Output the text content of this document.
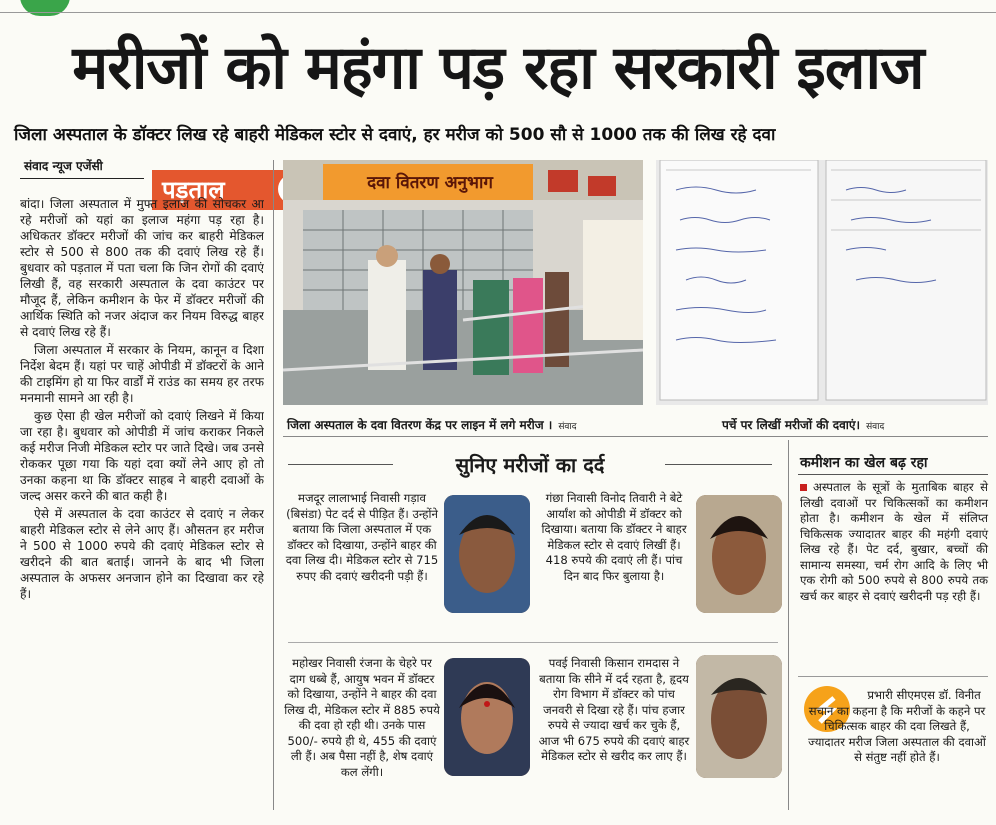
मरीजों को महंगा पड़ रहा सरकारी इलाज
जिला अस्पताल के डॉक्टर लिख रहे बाहरी मेडिकल स्टोर से दवाएं, हर मरीज को 500 सौ से 1000 तक की लिख रहे दवा
संवाद न्यूज एजेंसी
पड़ताल

बांदा। जिला अस्पताल में मुफ्त इलाज की सोचकर आ रहे मरीजों को यहां का इलाज महंगा पड़ रहा है। अधिकतर डॉक्टर मरीजों की जांच कर बाहरी मेडिकल स्टोर से 500 से 800 तक की दवाएं लिख रहे हैं। बुधवार को पड़ताल में पता चला कि जिन रोगों की दवाएं लिखी हैं, वह सरकारी अस्पताल के दवा काउंटर पर मौजूद हैं, लेकिन कमीशन के फेर में डॉक्टर मरीजों की आर्थिक स्थिति को नजर अंदाज कर नियम विरुद्ध बाहर से दवाएं लिख रहे हैं।

जिला अस्पताल में सरकार के नियम, कानून व दिशा निर्देश बेदम हैं। यहां पर चाहें ओपीडी में डॉक्टरों के आने की टाइमिंग हो या फिर वार्डों में राउंड का समय हर तरफ मनमानी सामने आ रही है।

कुछ ऐसा ही खेल मरीजों को दवाएं लिखने में किया जा रहा है। बुधवार को ओपीडी में जांच कराकर निकले कई मरीज निजी मेडिकल स्टोर पर जाते दिखे। जब उनसे रोककर पूछा गया कि यहां दवा क्यों लेने आए हो तो उनका कहना था कि डॉक्टर साहब ने बाहरी दवाओं के जल्द असर करने की बात कही है।

ऐसे में अस्पताल के दवा काउंटर से दवाएं न लेकर बाहरी मेडिकल स्टोर से लेने आए हैं। औसतन हर मरीज ने 500 से 1000 रुपये की दवाएं मेडिकल स्टोर से खरीदने की बात बताई। जानने के बाद भी जिला अस्पताल के अफसर अनजान होने का दिखावा कर रहे हैं।

दवा वितरण अनुभाग
जिला अस्पताल के दवा वितरण केंद्र पर लाइन में लगे मरीज । संवाद	पर्चे पर लिखीं मरीजों की दवाएं। संवाद
सुनिए मरीजों का दर्द
मजदूर लालाभाई निवासी गड़ाव (बिसंडा) पेट दर्द से पीड़ित हैं। उन्होंने बताया कि जिला अस्पताल में एक डॉक्टर को दिखाया, उन्होंने बाहर की दवा लिख दी। मेडिकल स्टोर से 715 रुपए की दवाएं खरीदनी पड़ी हैं।
गंछा निवासी विनोद तिवारी ने बेटे आर्यांश को ओपीडी में डॉक्टर को दिखाया। बताया कि डॉक्टर ने बाहर मेडिकल स्टोर से दवाएं लिखीं हैं। 418 रुपये की दवाएं ली हैं। पांच दिन बाद फिर बुलाया है।
महोखर निवासी रंजना के चेहरे पर दाग धब्बे हैं, आयुष भवन में डॉक्टर को दिखाया, उन्होंने ने बाहर की दवा लिख दी, मेडिकल स्टोर में 885 रुपये की दवा हो रही थी। उनके पास 500/- रुपये ही थे, 455 की दवाएं ली हैं। अब पैसा नहीं है, शेष दवाएं कल लेंगी।
पवई निवासी किसान रामदास ने बताया कि सीने में दर्द रहता है, हृदय रोग विभाग में डॉक्टर को पांच जनवरी से दिखा रहे हैं। पांच हजार रुपये से ज्यादा खर्च कर चुके हैं, आज भी 675 रुपये की दवाएं बाहर मेडिकल स्टोर से खरीद कर लाए हैं।
कमीशन का खेल बढ़ रहा
अस्पताल के सूत्रों के मुताबिक बाहर से लिखी दवाओं पर चिकित्सकों का कमीशन होता है। कमीशन के खेल में संलिप्त चिकित्सक ज्यादातर बाहर की महंगी दवाएं लिख रहे हैं। पेट दर्द, बुखार, बच्चों की सामान्य समस्या, चर्म रोग आदि के लिए भी एक रोगी को 500 रुपये से 800 रुपये तक खर्च कर बाहर से दवाएं खरीदनी पड़ रही हैं।
प्रभारी सीएमएस डॉ. विनीत सचान का कहना है कि मरीजों के कहने पर चिकित्सक बाहर की दवा लिखते हैं, ज्यादातर मरीज जिला अस्पताल की दवाओं से संतुष्ट नहीं होते हैं।
